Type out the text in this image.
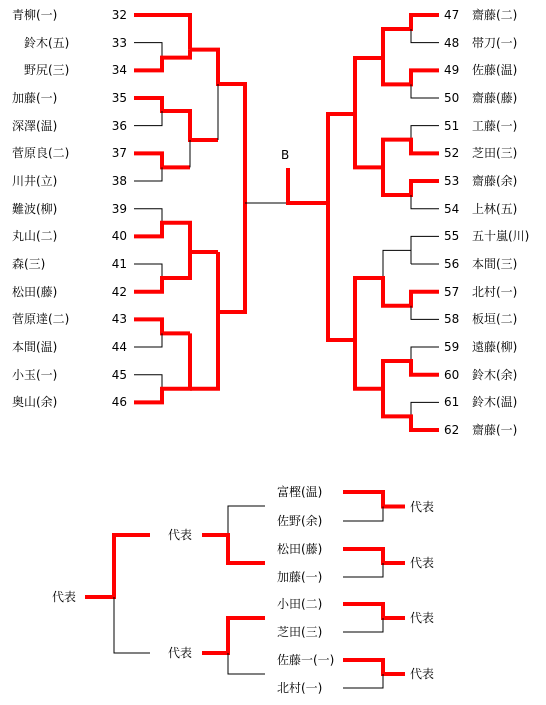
青柳(一)	32
鈴木(五)	33
野尻(三)	34
加藤(一)	35
深澤(温)	36
菅原良(二)	37
川井(立)	38
難波(柳)	39
丸山(二)	40
森(三)	41
松田(藤)	42
菅原達(二)	43
本間(温)	44
小玉(一)	45
奥山(余)	46
47 齋藤(二)
48 帯刀(一)
49 佐藤(温)
50 齋藤(藤)
51 工藤(一)
52 芝田(三)
53 齋藤(余)
54 上林(五)
55 五十嵐(川)
56 本間(三)
57 北村(一)
58 板垣(二)
59 遠藤(柳)
60 鈴木(余)
61 鈴木(温)
62 齋藤(一)
B
富樫(温)
佐野(余)
代表
松田(藤)
加藤(一)
代表
小田(二)
芝田(三)
代表
佐藤一(一)
北村(一)
代表
代表
代表
代表
